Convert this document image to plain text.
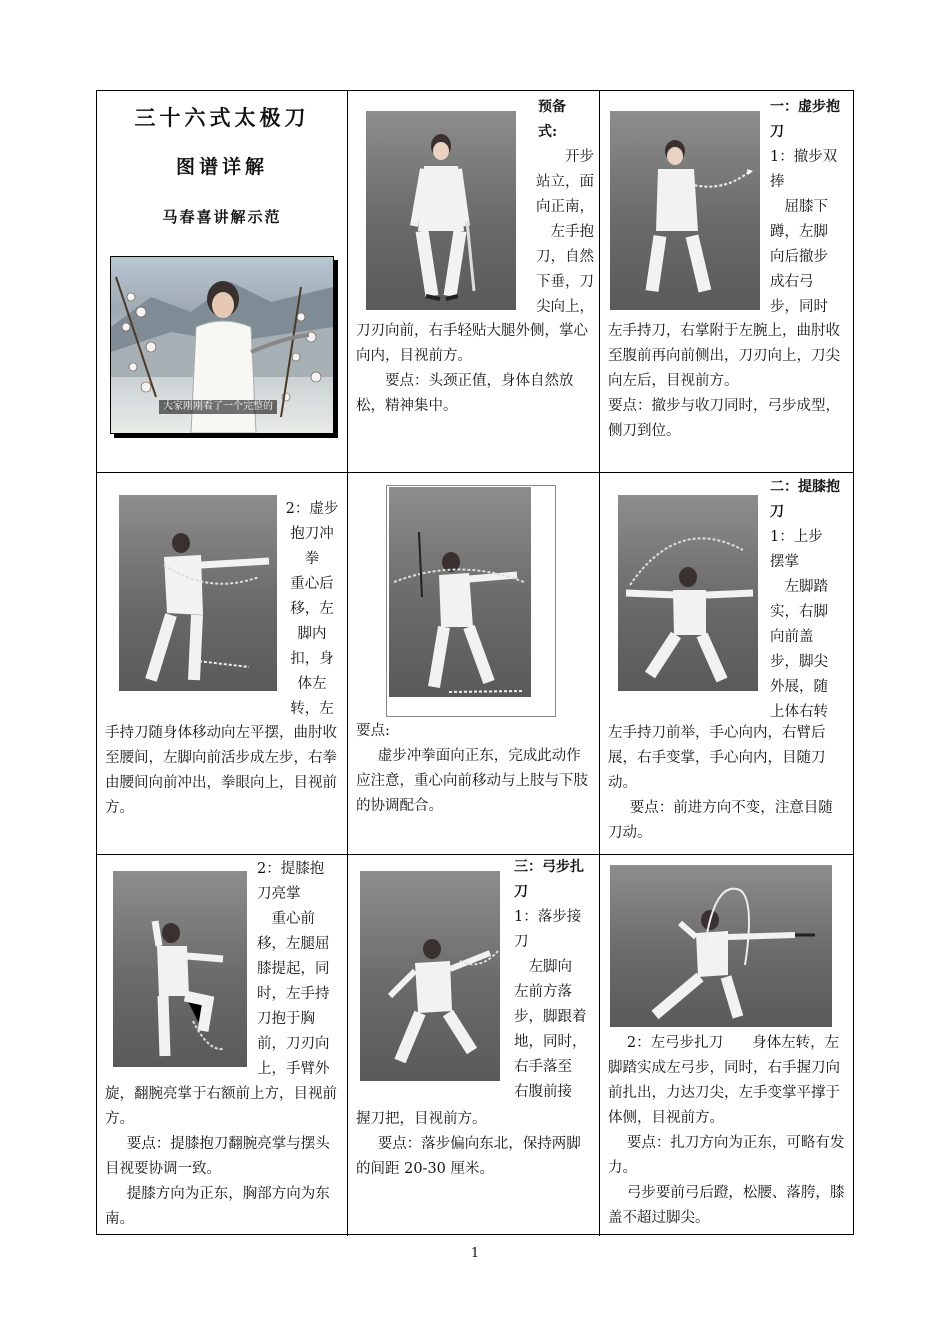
三十六式太极刀
图谱详解
马春喜讲解示范
大家刚刚看了一个完整的
预备式:
开步
站立，面
向正南，
左手抱
刀，自然
下垂，刀
尖向上，
刀刃向前，右手轻贴大腿外侧，掌心向内，目视前方。
要点：头颈正值，身体自然放松，精神集中。
一：虚步抱刀
1：撤步双
捧
　屈膝下
蹲，左脚
向后撤步
成右弓
步，同时
左手持刀，右掌附于左腕上，曲肘收至腹前再向前侧出，刀刃向上，刀尖向左后，目视前方。
要点：撤步与收刀同时，弓步成型，侧刀到位。
2：虚步
抱刀冲
拳
重心后
移，左
脚内
扣，身
体左
转，左
手持刀随身体移动向左平摆，曲肘收至腰间，左脚向前活步成左步，右拳由腰间向前冲出，拳眼向上，目视前方。
要点:
虚步冲拳面向正东，完成此动作应注意，重心向前移动与上肢与下肢的协调配合。
二：提膝抱刀
1：上步
摆掌
　左脚踏
实，右脚
向前盖
步，脚尖
外展，随
上体右转
左手持刀前举，手心向内，右臂后展，右手变掌，手心向内，目随刀动。
要点：前进方向不变，注意目随刀动。
2：提膝抱
刀亮掌
　重心前
移，左腿屈
膝提起，同
时，左手持
刀抱于胸
前，刀刃向
上，手臂外
旋，翻腕亮掌于右额前上方，目视前方。
要点：提膝抱刀翻腕亮掌与摆头目视要协调一致。
提膝方向为正东，胸部方向为东南。
三：弓步扎刀
1：落步接
刀
　左脚向
左前方落
步，脚跟着
地，同时，
右手落至
右腹前接
握刀把，目视前方。
要点：落步偏向东北，保持两脚的间距 20-30 厘米。
2：左弓步扎刀　　身体左转，左脚踏实成左弓步，同时，右手握刀向前扎出，力达刀尖，左手变掌平撑于体侧，目视前方。
要点：扎刀方向为正东，可略有发力。
弓步要前弓后蹬，松腰、落胯，膝盖不超过脚尖。
1
